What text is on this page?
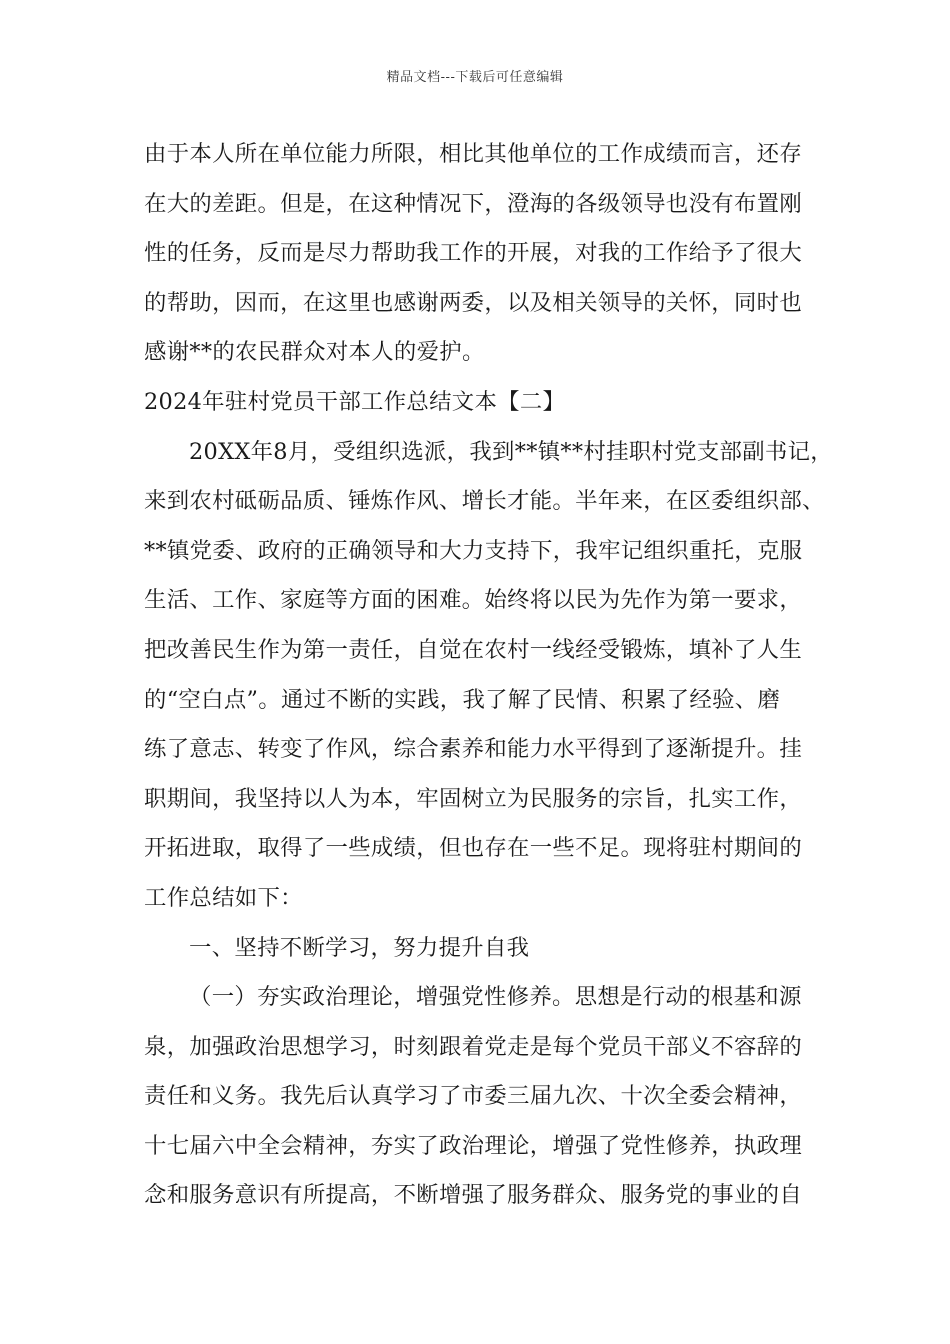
精品文档---下载后可任意编辑
由于本人所在单位能力所限，相比其他单位的工作成绩而言，还存
在大的差距。但是，在这种情况下，澄海的各级领导也没有布置刚
性的任务，反而是尽力帮助我工作的开展，对我的工作给予了很大
的帮助，因而，在这里也感谢两委，以及相关领导的关怀，同时也
感谢**的农民群众对本人的爱护。
2024年驻村党员干部工作总结文本【二】
20XX年8月，受组织选派，我到**镇**村挂职村党支部副书记，
来到农村砥砺品质、锤炼作风、增长才能。半年来，在区委组织部、
**镇党委、政府的正确领导和大力支持下，我牢记组织重托，克服
生活、工作、家庭等方面的困难。始终将以民为先作为第一要求，
把改善民生作为第一责任，自觉在农村一线经受锻炼，填补了人生
的“空白点”。通过不断的实践，我了解了民情、积累了经验、磨
练了意志、转变了作风，综合素养和能力水平得到了逐渐提升。挂
职期间，我坚持以人为本，牢固树立为民服务的宗旨，扎实工作，
开拓进取，取得了一些成绩，但也存在一些不足。现将驻村期间的
工作总结如下：
一、坚持不断学习，努力提升自我
（一）夯实政治理论，增强党性修养。思想是行动的根基和源
泉，加强政治思想学习，时刻跟着党走是每个党员干部义不容辞的
责任和义务。我先后认真学习了市委三届九次、十次全委会精神，
十七届六中全会精神，夯实了政治理论，增强了党性修养，执政理
念和服务意识有所提高，不断增强了服务群众、服务党的事业的自
